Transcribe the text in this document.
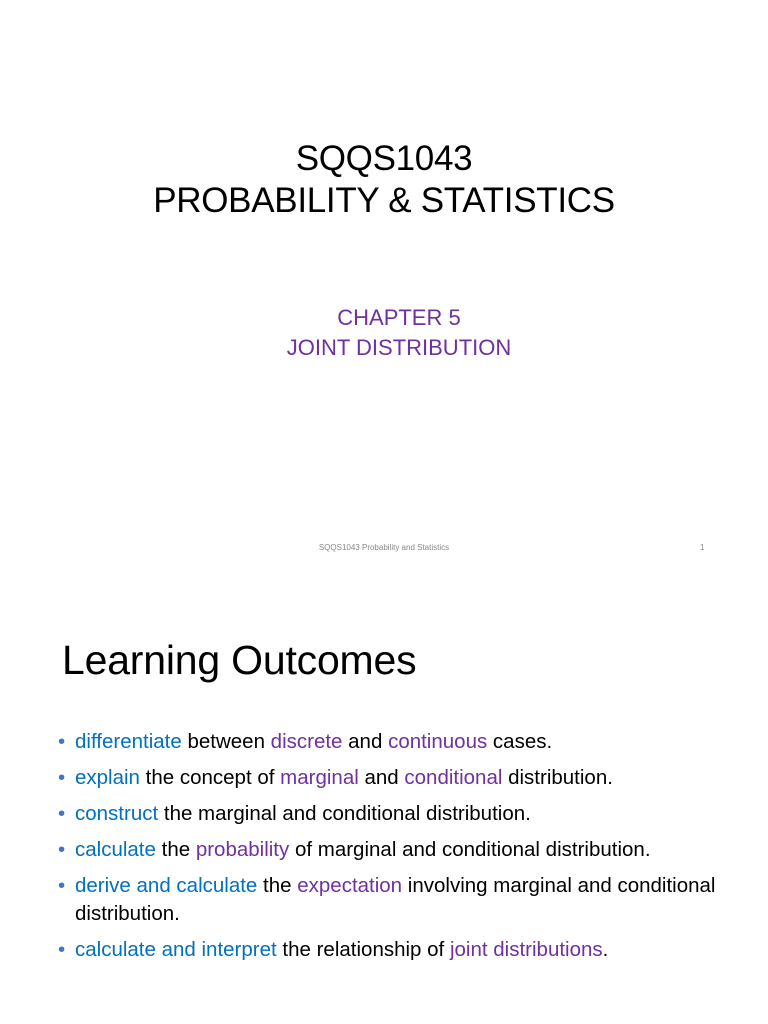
SQQS1043
PROBABILITY & STATISTICS
CHAPTER 5
JOINT DISTRIBUTION
SQQS1043 Probability and Statistics	1
Learning Outcomes
• differentiate between discrete and continuous cases.
• explain the concept of marginal and conditional distribution.
• construct the marginal and conditional distribution.
• calculate the probability of marginal and conditional distribution.
• derive and calculate the expectation involving marginal and conditional distribution.
• calculate and interpret the relationship of joint distributions.
